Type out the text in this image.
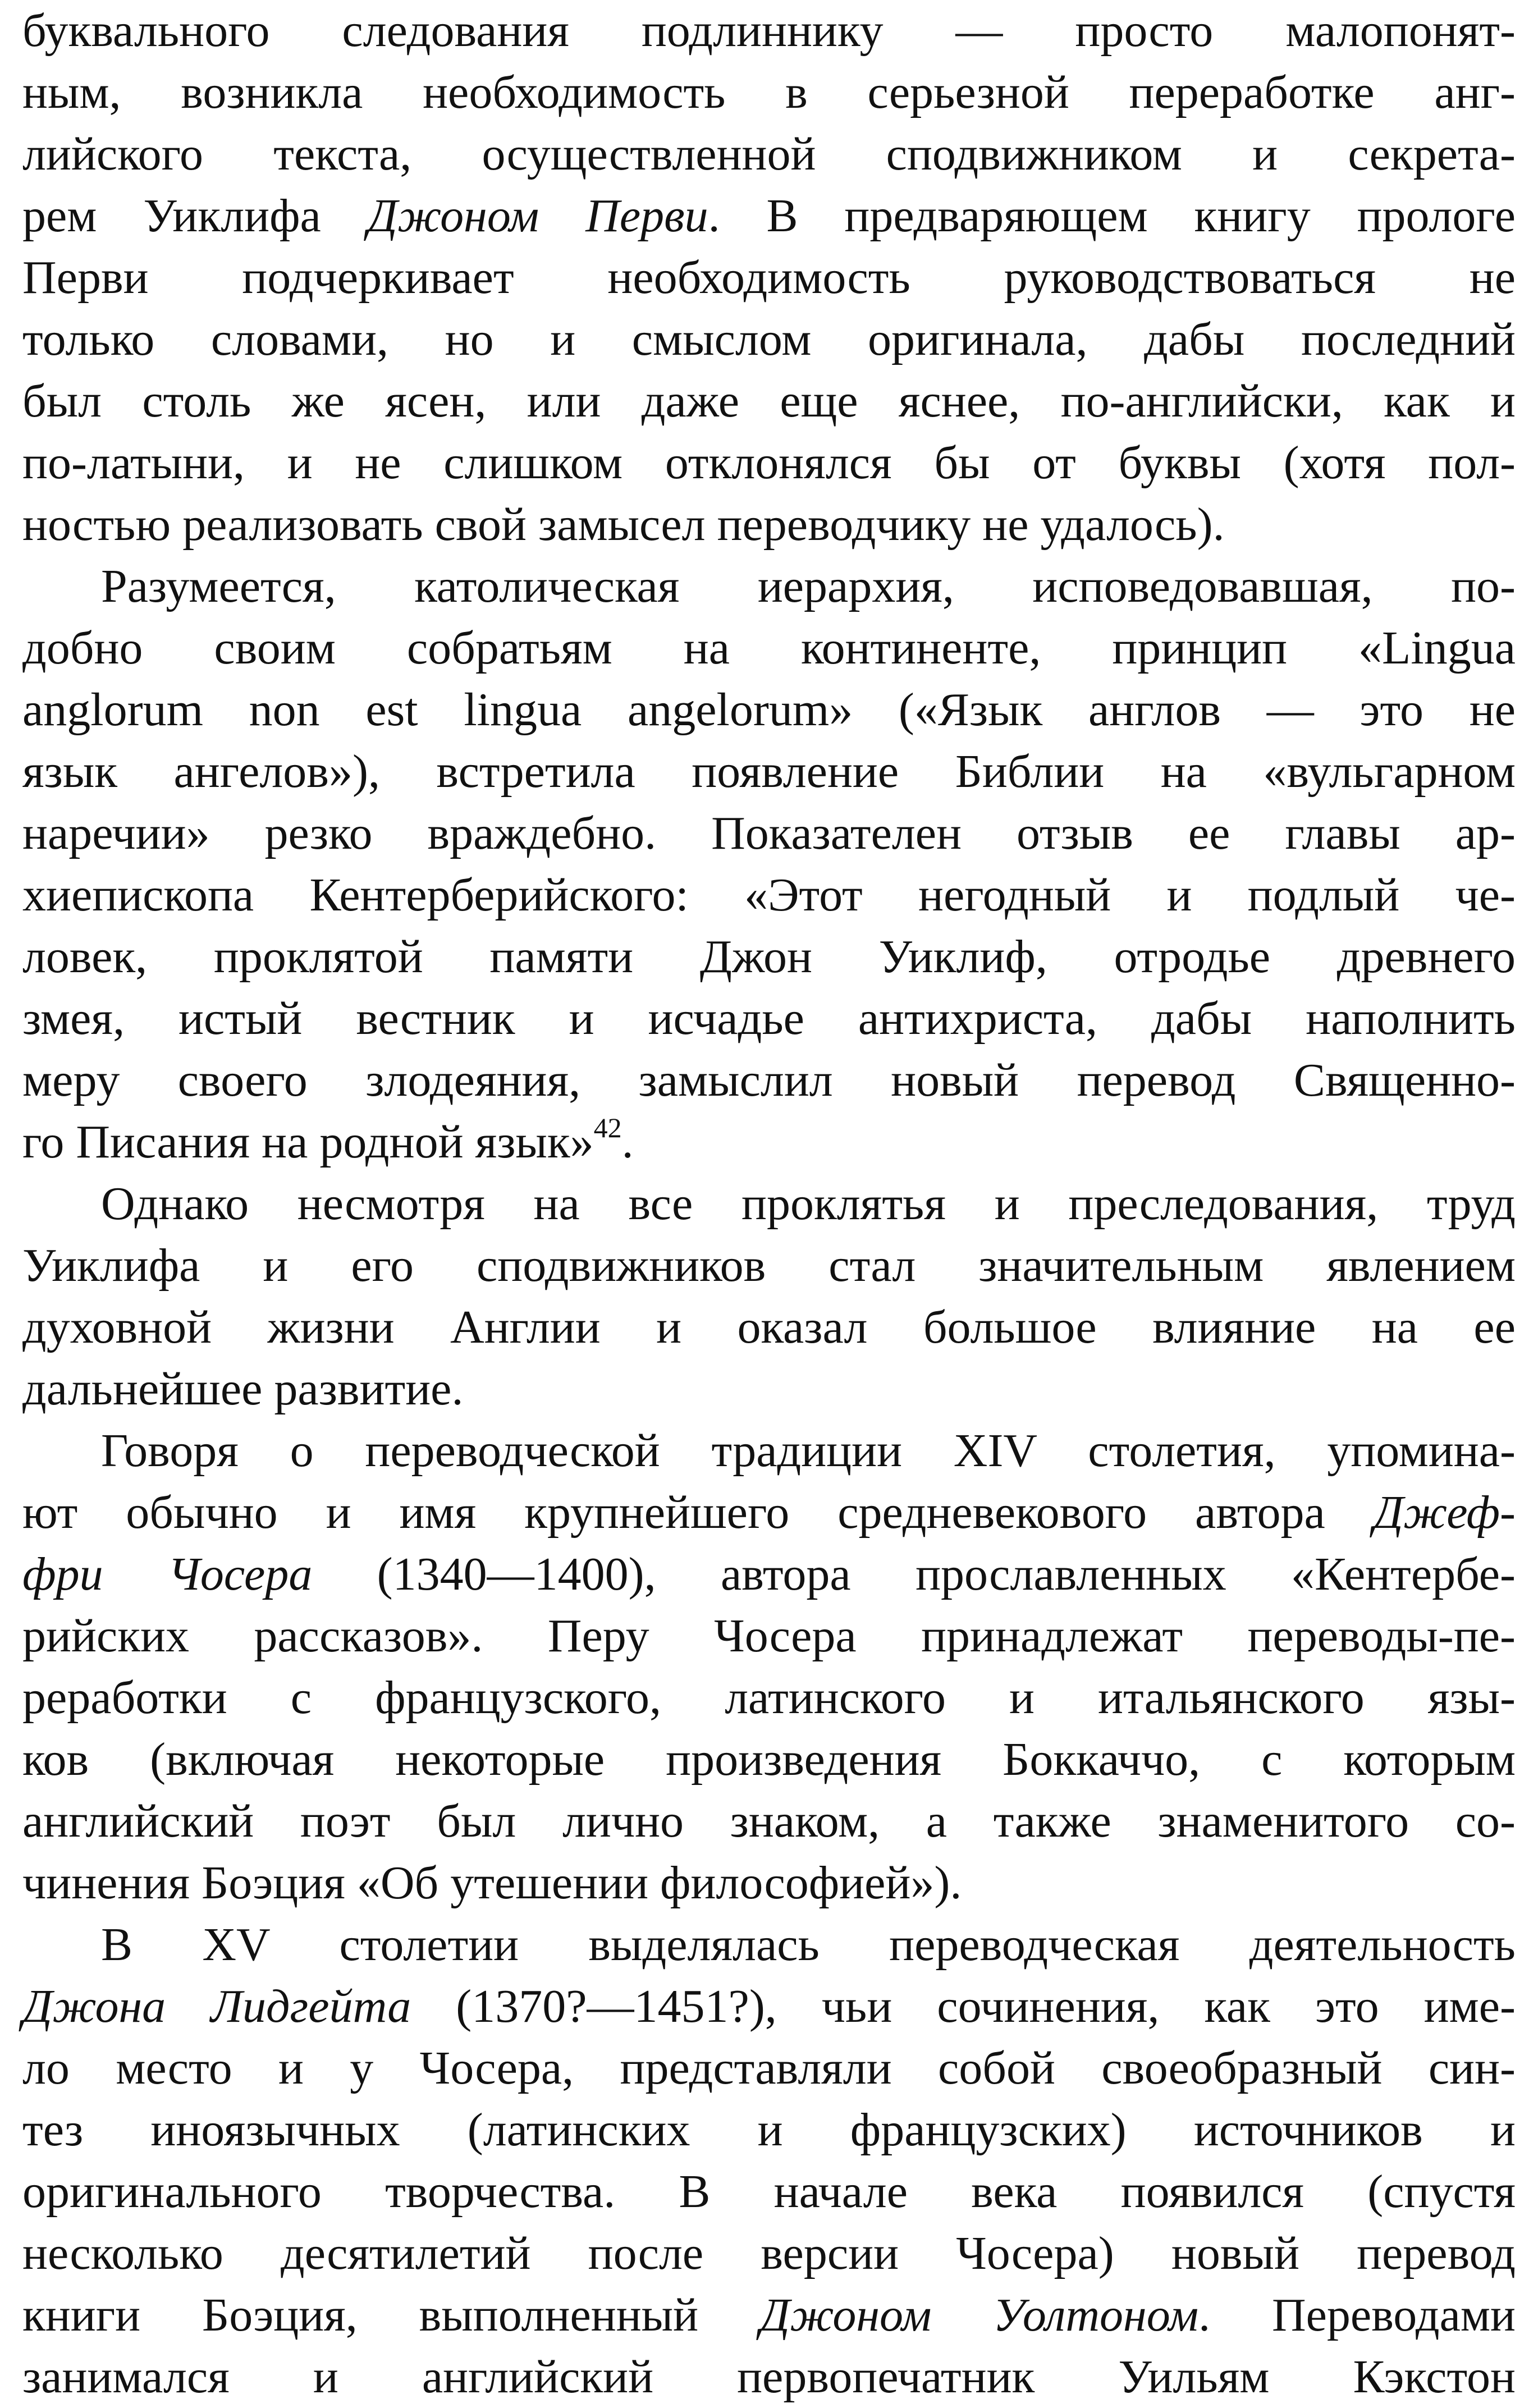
буквального следования подлиннику — просто малопонят-
ным, возникла необходимость в серьезной переработке анг-
лийского текста, осуществленной сподвижником и секрета-
рем Уиклифа Джоном Перви. В предваряющем книгу прологе
Перви подчеркивает необходимость руководствоваться не
только словами, но и смыслом оригинала, дабы последний
был столь же ясен, или даже еще яснее, по-английски, как и
по-латыни, и не слишком отклонялся бы от буквы (хотя пол-
ностью реализовать свой замысел переводчику не удалось).
Разумеется, католическая иерархия, исповедовавшая, по-
добно своим собратьям на континенте, принцип «Lingua
anglorum non est lingua angelorum» («Язык англов — это не
язык ангелов»), встретила появление Библии на «вульгарном
наречии» резко враждебно. Показателен отзыв ее главы ар-
хиепископа Кентерберийского: «Этот негодный и подлый че-
ловек, проклятой памяти Джон Уиклиф, отродье древнего
змея, истый вестник и исчадье антихриста, дабы наполнить
меру своего злодеяния, замыслил новый перевод Священно-
го Писания на родной язык»$^{42}$.
Однако несмотря на все проклятья и преследования, труд
Уиклифа и его сподвижников стал значительным явлением
духовной жизни Англии и оказал большое влияние на ее
дальнейшее развитие.
Говоря о переводческой традиции XIV столетия, упомина-
ют обычно и имя крупнейшего средневекового автора Джеф-
фри Чосера (1340—1400), автора прославленных «Кентербе-
рийских рассказов». Перу Чосера принадлежат переводы-пе-
реработки с французского, латинского и итальянского язы-
ков (включая некоторые произведения Боккаччо, с которым
английский поэт был лично знаком, а также знаменитого со-
чинения Боэция «Об утешении философией»).
В XV столетии выделялась переводческая деятельность
Джона Лидгейта (1370?—1451?), чьи сочинения, как это име-
ло место и у Чосера, представляли собой своеобразный син-
тез иноязычных (латинских и французских) источников и
оригинального творчества. В начале века появился (спустя
несколько десятилетий после версии Чосера) новый перевод
книги Боэция, выполненный Джоном Уолтоном. Переводами
занимался и английский первопечатник Уильям Кэкстон
